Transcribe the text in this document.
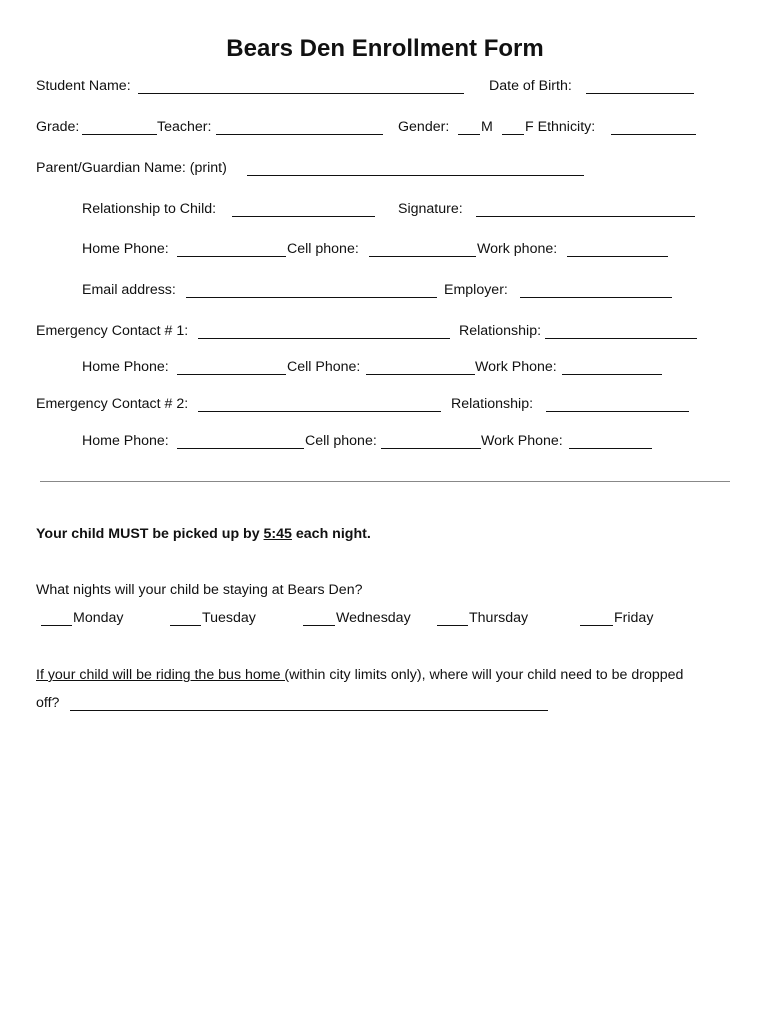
Bears Den Enrollment Form
Student Name:	Date of Birth:
Grade:	Teacher:	Gender: M F Ethnicity:
Parent/Guardian Name: (print)
Relationship to Child:	Signature:
Home Phone:	Cell phone:	Work phone:
Email address:	Employer:
Emergency Contact # 1:	Relationship:
Home Phone:	Cell Phone:	Work Phone:
Emergency Contact # 2:	Relationship:
Home Phone:	Cell phone:	Work Phone:
Your child MUST be picked up by 5:45 each night.
What nights will your child be staying at Bears Den?
Monday	Tuesday	Wednesday	Thursday	Friday
If your child will be riding the bus home (within city limits only), where will your child need to be dropped
off?
